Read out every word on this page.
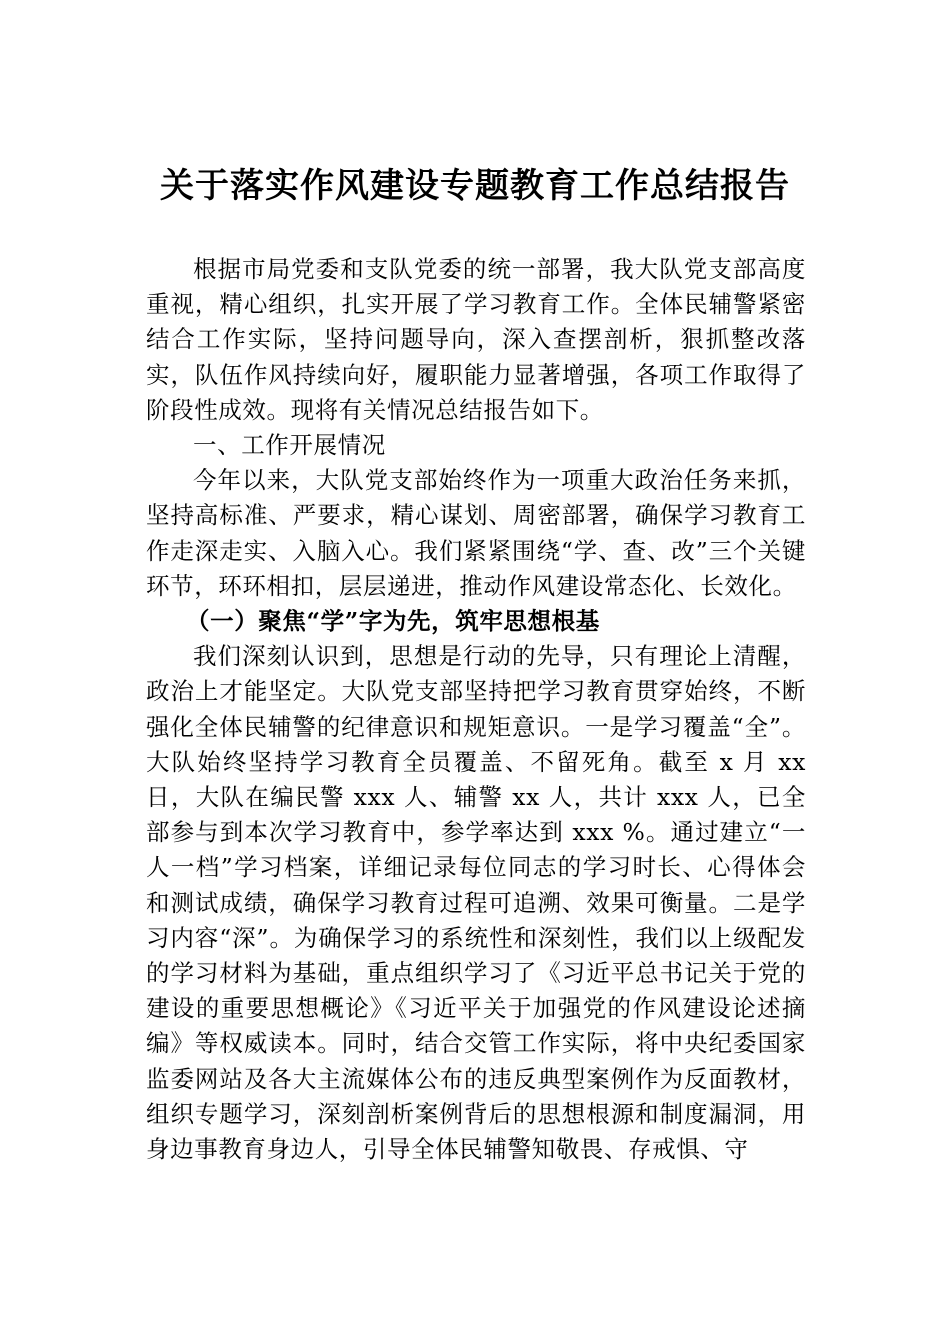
关于落实作风建设专题教育工作总结报告

根据市局党委和支队党委的统一部署，我大队党支部高度重视，精心组织，扎实开展了学习教育工作。全体民辅警紧密结合工作实际，坚持问题导向，深入查摆剖析，狠抓整改落实，队伍作风持续向好，履职能力显著增强，各项工作取得了阶段性成效。现将有关情况总结报告如下。

一、工作开展情况

今年以来，大队党支部始终作为一项重大政治任务来抓，坚持高标准、严要求，精心谋划、周密部署，确保学习教育工作走深走实、入脑入心。我们紧紧围绕“学、查、改”三个关键环节，环环相扣，层层递进，推动作风建设常态化、长效化。

（一）聚焦“学”字为先，筑牢思想根基

我们深刻认识到，思想是行动的先导，只有理论上清醒，政治上才能坚定。大队党支部坚持把学习教育贯穿始终，不断强化全体民辅警的纪律意识和规矩意识。一是学习覆盖“全”。大队始终坚持学习教育全员覆盖、不留死角。截至 x 月 xx 日，大队在编民警 xxx 人、辅警 xx 人，共计 xxx 人，已全部参与到本次学习教育中，参学率达到 xxx %。通过建立“一人一档”学习档案，详细记录每位同志的学习时长、心得体会和测试成绩，确保学习教育过程可追溯、效果可衡量。二是学习内容“深”。为确保学习的系统性和深刻性，我们以上级配发的学习材料为基础，重点组织学习了《习近平总书记关于党的建设的重要思想概论》《习近平关于加强党的作风建设论述摘编》等权威读本。同时，结合交管工作实际，将中央纪委国家监委网站及各大主流媒体公布的违反典型案例作为反面教材，组织专题学习，深刻剖析案例背后的思想根源和制度漏洞，用身边事教育身边人，引导全体民辅警知敬畏、存戒惧、守
